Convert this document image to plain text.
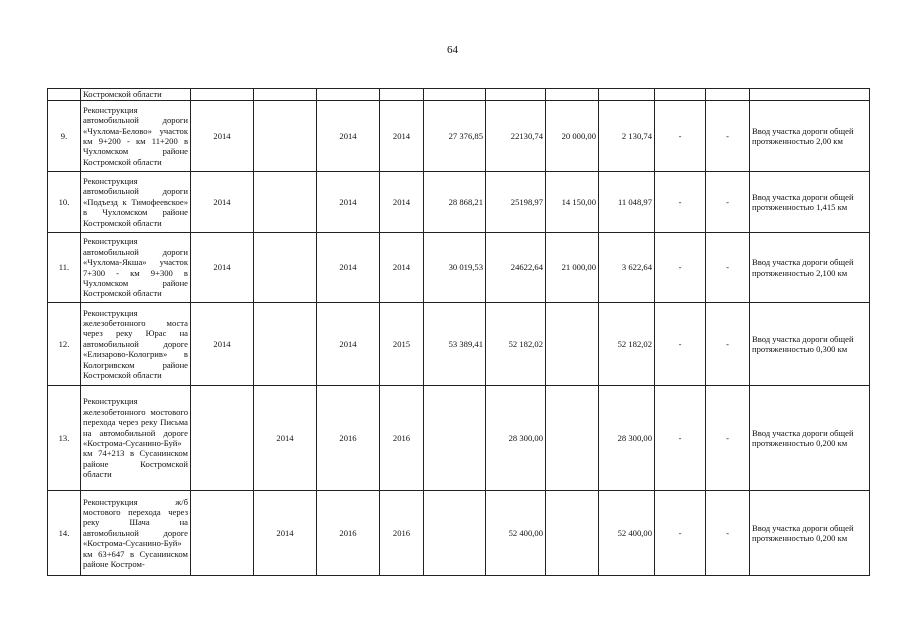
64
	Костромской области											
9.	Реконструкция автомобильной дороги «Чухлома-Белово» участок км 9+200 - км 11+200 в Чухломском районе Костромской области	2014		2014	2014	27 376,85	22130,74	20 000,00	2 130,74	-	-	Ввод участка дороги общей протяженностью 2,00 км
10.	Реконструкция автомобильной дороги «Подъезд к Тимофеевское» в Чухломском районе Костромской области	2014		2014	2014	28 868,21	25198,97	14 150,00	11 048,97	-	-	Ввод участка дороги общей протяженностью 1,415 км
11.	Реконструкция автомобильной дороги «Чухлома-Якша» участок 7+300 - км 9+300 в Чухломском районе Костромской области	2014		2014	2014	30 019,53	24622,64	21 000,00	3 622,64	-	-	Ввод участка дороги общей протяженностью 2,100 км
12.	Реконструкция железобетонного моста через реку Юрас на автомобильной дороге «Елизарово-Кологрив» в Кологривском районе Костромской области	2014		2014	2015	53 389,41	52 182,02		52 182,02	-	-	Ввод участка дороги общей протяженностью 0,300 км
13.	Реконструкция железобетонного мостового перехода через реку Письма на автомобильной дороге «Кострома-Сусанино-Буй» км 74+213 в Сусанинском районе Костромской области		2014	2016	2016		28 300,00		28 300,00	-	-	Ввод участка дороги общей протяженностью 0,200 км
14.	Реконструкция ж/б мостового перехода через реку Шача на автомобильной дороге «Кострома-Сусанино-Буй» км 63+647 в Сусанинском районе Костром-		2014	2016	2016		52 400,00		52 400,00	-	-	Ввод участка дороги общей протяженностью 0,200 км
